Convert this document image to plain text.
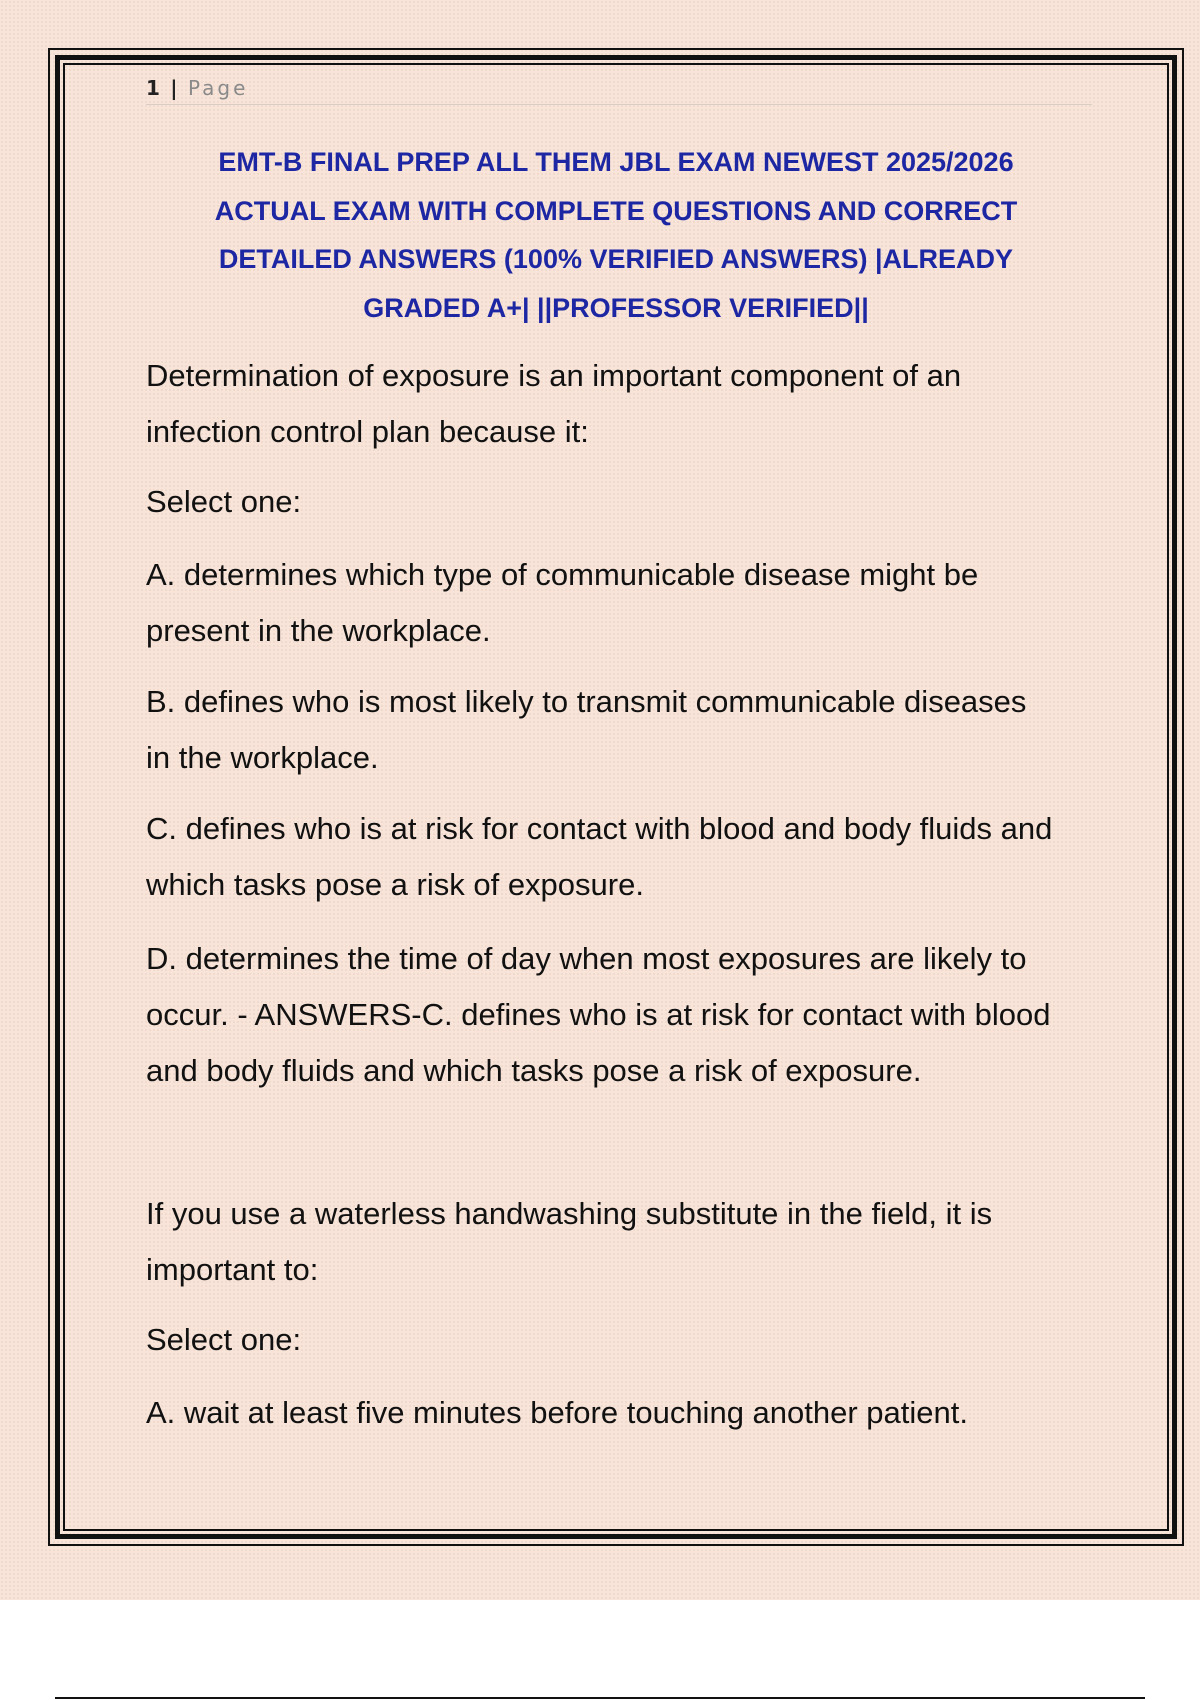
1 | Page
EMT-B FINAL PREP ALL THEM JBL EXAM NEWEST 2025/2026
ACTUAL EXAM WITH COMPLETE QUESTIONS AND CORRECT
DETAILED ANSWERS (100% VERIFIED ANSWERS) |ALREADY
GRADED A+| ||PROFESSOR VERIFIED||
Determination of exposure is an important component of an
infection control plan because it:
Select one:
A. determines which type of communicable disease might be
present in the workplace.
B. defines who is most likely to transmit communicable diseases
in the workplace.
C. defines who is at risk for contact with blood and body fluids and
which tasks pose a risk of exposure.
D. determines the time of day when most exposures are likely to
occur. - ANSWERS-C. defines who is at risk for contact with blood
and body fluids and which tasks pose a risk of exposure.
If you use a waterless handwashing substitute in the field, it is
important to:
Select one:
A. wait at least five minutes before touching another patient.
